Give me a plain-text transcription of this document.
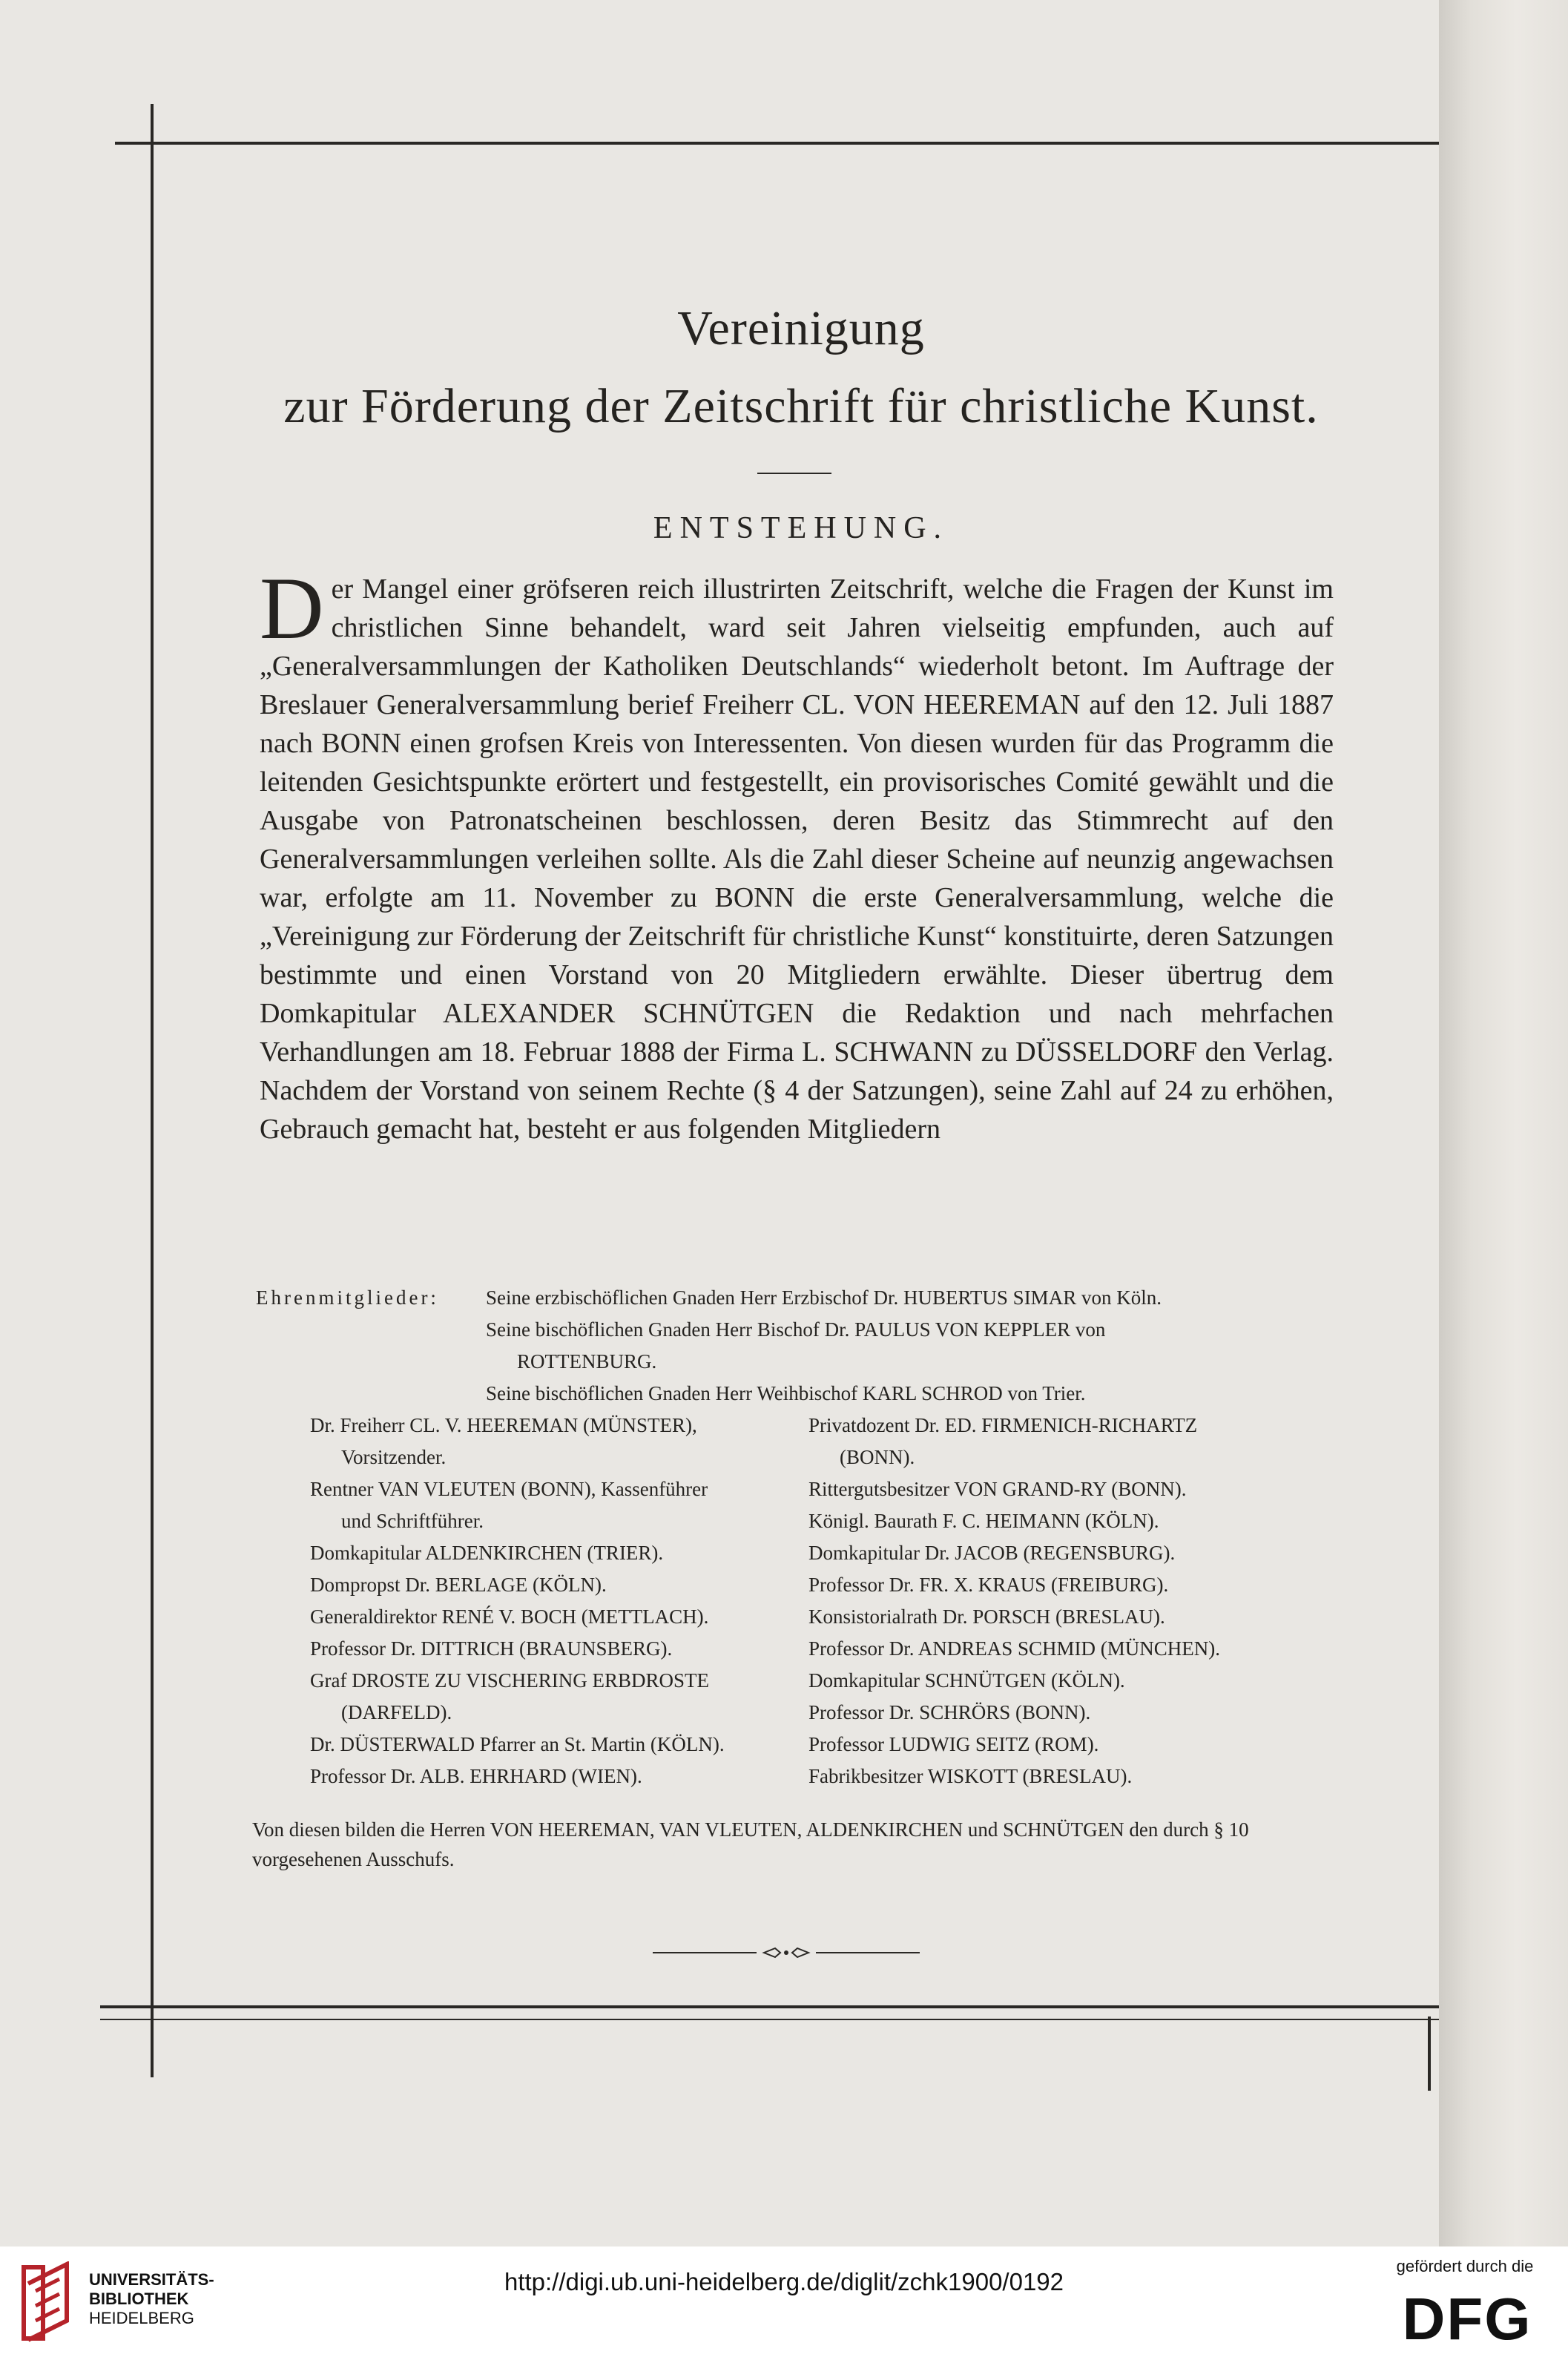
Vereinigung
zur Förderung der Zeitschrift für christliche Kunst.
ENTSTEHUNG.

Der Mangel einer gröfseren reich illustrirten Zeitschrift, welche die Fragen der Kunst im christlichen Sinne behandelt, ward seit Jahren vielseitig empfunden, auch auf „Generalversammlungen der Katholiken Deutschlands“ wiederholt betont. Im Auftrage der Breslauer Generalversammlung berief Freiherr CL. VON HEEREMAN auf den 12. Juli 1887 nach BONN einen grofsen Kreis von Interessenten. Von diesen wurden für das Programm die leitenden Gesichtspunkte erörtert und festgestellt, ein provisorisches Comité gewählt und die Ausgabe von Patronatscheinen beschlossen, deren Besitz das Stimmrecht auf den Generalversammlungen verleihen sollte. Als die Zahl dieser Scheine auf neunzig angewachsen war, erfolgte am 11. November zu BONN die erste Generalversammlung, welche die „Vereinigung zur Förderung der Zeitschrift für christliche Kunst“ konstituirte, deren Satzungen bestimmte und einen Vorstand von 20 Mitgliedern erwählte. Dieser übertrug dem Domkapitular ALEXANDER SCHNÜTGEN die Redaktion und nach mehrfachen Verhandlungen am 18. Februar 1888 der Firma L. SCHWANN zu DÜSSELDORF den Verlag. Nachdem der Vorstand von seinem Rechte (§ 4 der Satzungen), seine Zahl auf 24 zu erhöhen, Gebrauch gemacht hat, besteht er aus folgenden Mitgliedern

Ehrenmitglieder: Seine erzbischöflichen Gnaden Herr Erzbischof Dr. HUBERTUS SIMAR von Köln.
Seine bischöflichen Gnaden Herr Bischof Dr. PAULUS VON KEPPLER von
ROTTENBURG.
Seine bischöflichen Gnaden Herr Weihbischof KARL SCHROD von Trier.
Dr. Freiherr CL. V. HEEREMAN (MÜNSTER),
Vorsitzender.
Rentner VAN VLEUTEN (BONN), Kassenführer
und Schriftführer.
Domkapitular ALDENKIRCHEN (TRIER).
Dompropst Dr. BERLAGE (KÖLN).
Generaldirektor RENÉ V. BOCH (METTLACH).
Professor Dr. DITTRICH (BRAUNSBERG).
Graf DROSTE ZU VISCHERING ERBDROSTE
(DARFELD).
Dr. DÜSTERWALD Pfarrer an St. Martin (KÖLN).
Professor Dr. ALB. EHRHARD (WIEN).
Privatdozent Dr. ED. FIRMENICH-RICHARTZ
(BONN).
Rittergutsbesitzer VON GRAND-RY (BONN).
Königl. Baurath F. C. HEIMANN (KÖLN).
Domkapitular Dr. JACOB (REGENSBURG).
Professor Dr. FR. X. KRAUS (FREIBURG).
Konsistorialrath Dr. PORSCH (BRESLAU).
Professor Dr. ANDREAS SCHMID (MÜNCHEN).
Domkapitular SCHNÜTGEN (KÖLN).
Professor Dr. SCHRÖRS (BONN).
Professor LUDWIG SEITZ (ROM).
Fabrikbesitzer WISKOTT (BRESLAU).
Von diesen bilden die Herren VON HEEREMAN, VAN VLEUTEN, ALDENKIRCHEN und SCHNÜTGEN den durch § 10 vorgesehenen Ausschufs.
UNIVERSITÄTS-
BIBLIOTHEK
HEIDELBERG
http://digi.ub.uni-heidelberg.de/diglit/zchk1900/0192
gefördert durch die
DFG
